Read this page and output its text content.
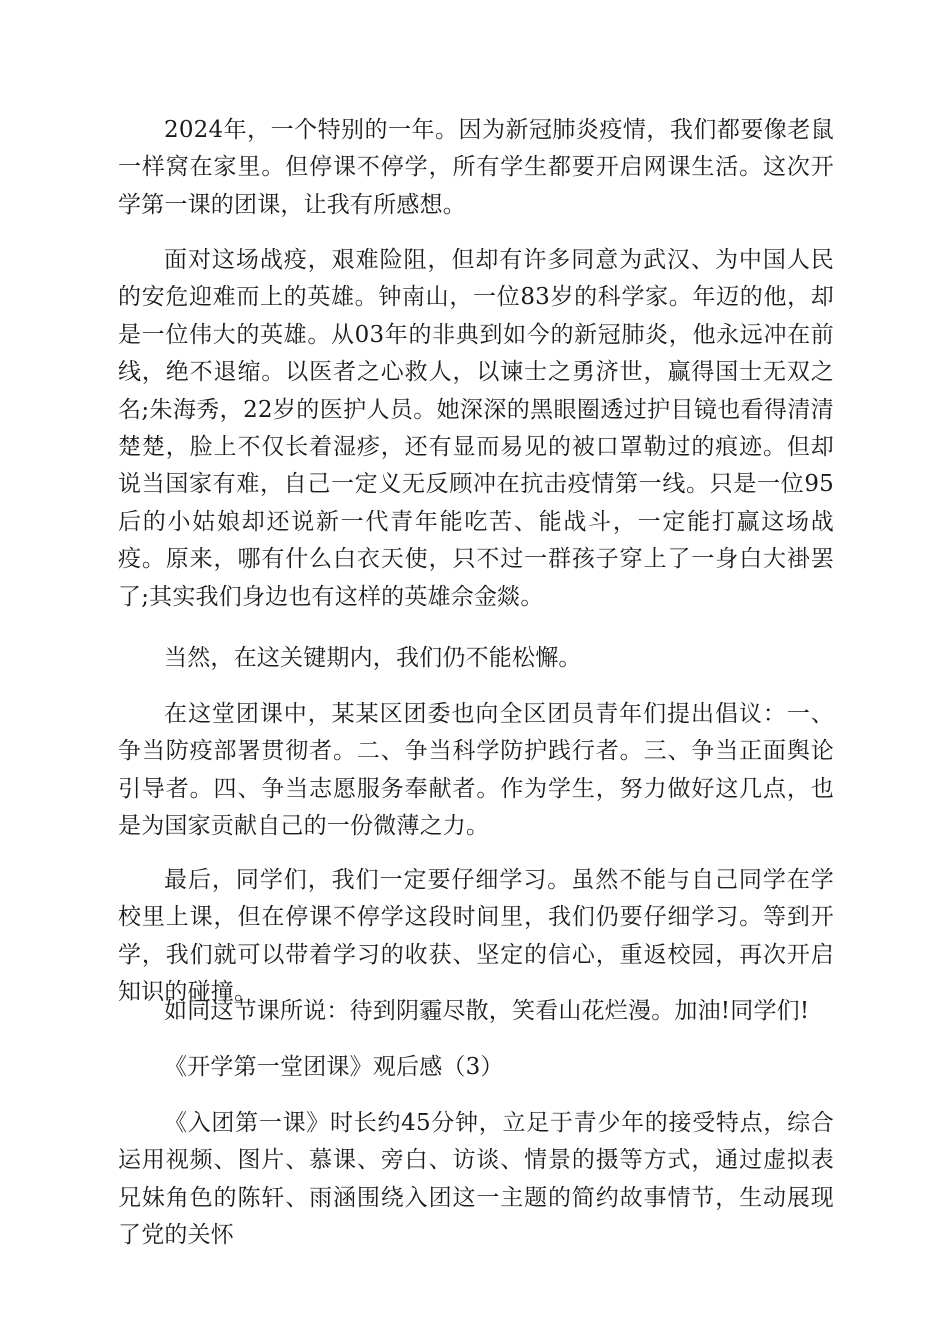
2024年，一个特别的一年。因为新冠肺炎疫情，我们都要像老鼠一样窝在家里。但停课不停学，所有学生都要开启网课生活。这次开学第一课的团课，让我有所感想。

面对这场战疫，艰难险阻，但却有许多同意为武汉、为中国人民的安危迎难而上的英雄。钟南山，一位83岁的科学家。年迈的他，却是一位伟大的英雄。从03年的非典到如今的新冠肺炎，他永远冲在前线，绝不退缩。以医者之心救人，以谏士之勇济世，赢得国士无双之名;朱海秀，22岁的医护人员。她深深的黑眼圈透过护目镜也看得清清楚楚，脸上不仅长着湿疹，还有显而易见的被口罩勒过的痕迹。但却说当国家有难，自己一定义无反顾冲在抗击疫情第一线。只是一位95后的小姑娘却还说新一代青年能吃苦、能战斗，一定能打赢这场战疫。原来，哪有什么白衣天使，只不过一群孩子穿上了一身白大褂罢了;其实我们身边也有这样的英雄佘金燚。

当然，在这关键期内，我们仍不能松懈。

在这堂团课中，某某区团委也向全区团员青年们提出倡议：一、争当防疫部署贯彻者。二、争当科学防护践行者。三、争当正面舆论引导者。四、争当志愿服务奉献者。作为学生，努力做好这几点，也是为国家贡献自己的一份微薄之力。

最后，同学们，我们一定要仔细学习。虽然不能与自己同学在学校里上课，但在停课不停学这段时间里，我们仍要仔细学习。等到开学，我们就可以带着学习的收获、坚定的信心，重返校园，再次开启知识的碰撞。

如同这节课所说：待到阴霾尽散，笑看山花烂漫。加油!同学们!

《开学第一堂团课》观后感（3）

《入团第一课》时长约45分钟，立足于青少年的接受特点，综合运用视频、图片、慕课、旁白、访谈、情景的摄等方式，通过虚拟表兄妹角色的陈轩、雨涵围绕入团这一主题的简约故事情节，生动展现了党的关怀
